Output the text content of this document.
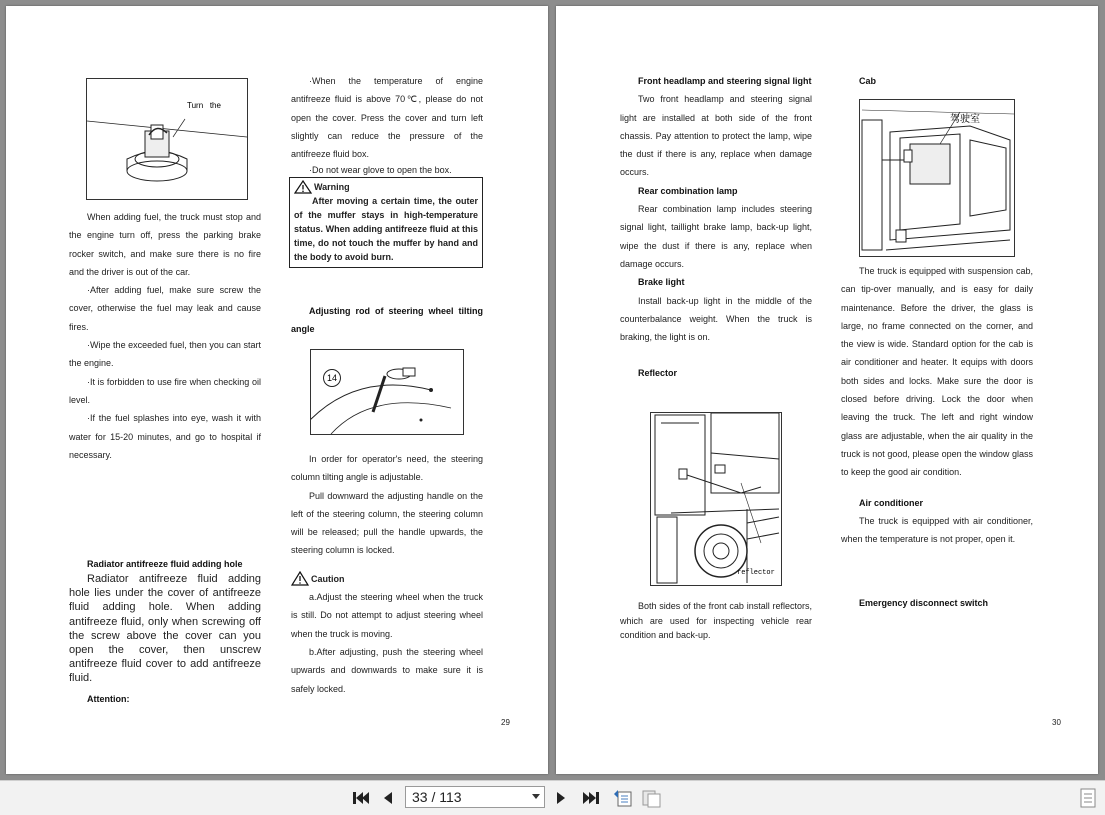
Turn   the

When adding fuel, the truck must stop and the engine turn off, press the parking brake rocker switch, and make sure there is no fire and the driver is out of the car.

·After adding fuel, make sure screw the cover, otherwise the fuel may leak and cause fires.

·Wipe the exceeded fuel, then you can start the engine.

·It is forbidden to use fire when checking oil level.

·If the fuel splashes into eye, wash it with water for 15-20 minutes, and go to hospital if necessary.

Radiator antifreeze fluid adding hole

Radiator antifreeze fluid adding hole lies under the cover of antifreeze fluid adding hole. When adding antifreeze fluid, only when screwing off the screw above the cover can you open the cover, then unscrew antifreeze fluid cover to add antifreeze fluid.

Attention:

·When the temperature of engine antifreeze fluid is above 70℃, please do not open the cover. Press the cover and turn left slightly can reduce the pressure of the antifreeze fluid box.

·Do not wear glove to open the box.

Warning

After moving a certain time, the outer of the muffer stays in high-temperature status. When adding antifreeze fluid at this time, do not touch the muffer by hand and the body to avoid burn.

Adjusting rod of steering wheel tilting angle

14

In order for operator's need, the steering column tilting angle is adjustable.

Pull downward the adjusting handle on the left of the steering column, the steering column will be released; pull the handle upwards, the steering column is locked.

Caution

a.Adjust the steering wheel when the truck is still. Do not attempt to adjust steering wheel when the truck is moving.

b.After adjusting, push the steering wheel upwards and downwards to make sure it is safely locked.

29

Front headlamp and steering signal light

Two front headlamp and steering signal light are installed at both side of the front chassis. Pay attention to protect the lamp, wipe the dust if there is any, replace when damage occurs.

Rear combination lamp

Rear combination lamp includes steering signal light, taillight brake lamp, back-up light, wipe the dust if there is any, replace when damage occurs.

Brake light

Install back-up light in the middle of the counterbalance weight. When the truck is braking, the light is on.

Reflector

reflector

Both sides of the front cab install reflectors, which are used for inspecting vehicle rear condition and back-up.

Cab

驾驶室

The truck is equipped with suspension cab, can tip-over manually, and is easy for daily maintenance. Before the driver, the glass is large, no frame connected on the corner, and the view is wide. Standard option for the cab is air conditioner and heater. It equips with doors both sides and locks. Make sure the door is closed before driving. Lock the door when leaving the truck. The left and right window glass are adjustable, when the air quality in the truck is not good, please open the window glass to keep the good air condition.

Air conditioner

The truck is equipped with air conditioner, when the temperature is not proper, open it.

Emergency disconnect switch

30
33 / 113
